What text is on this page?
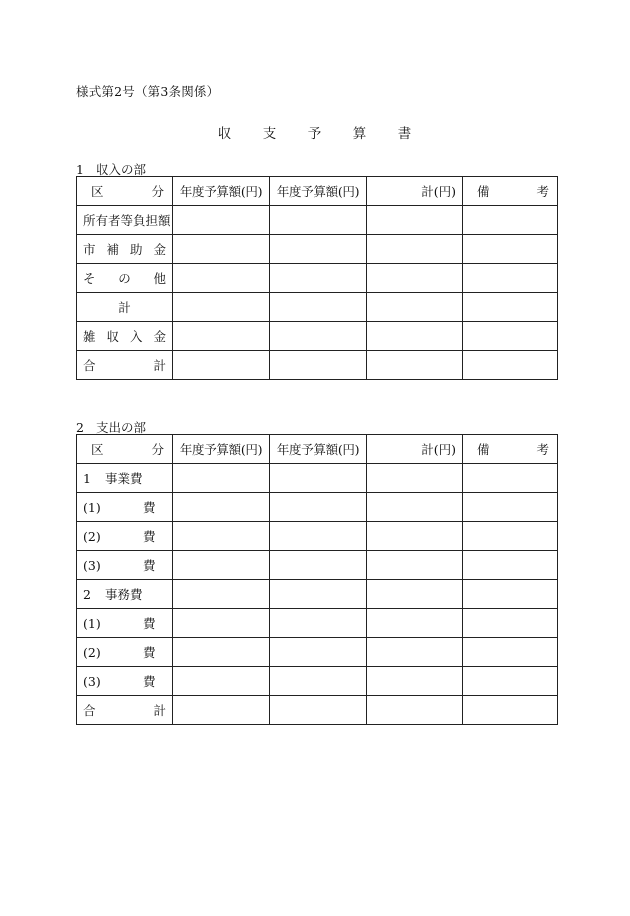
様式第2号（第3条関係）
収　支　予　算　書
1 収入の部
区 分	年度予算額(円)	年度予算額(円)	計(円)	備 考

所有者等負担額				

市 補 助 金				

そ の 他				

計				

雑 収 入 金				

合 計				

2 支出の部
区 分	年度予算額(円)	年度予算額(円)	計(円)	備 考

1 事業費				

(1) 費				

(2) 費				

(3) 費				

2 事務費				

(1) 費				

(2) 費				

(3) 費				

合 計				
